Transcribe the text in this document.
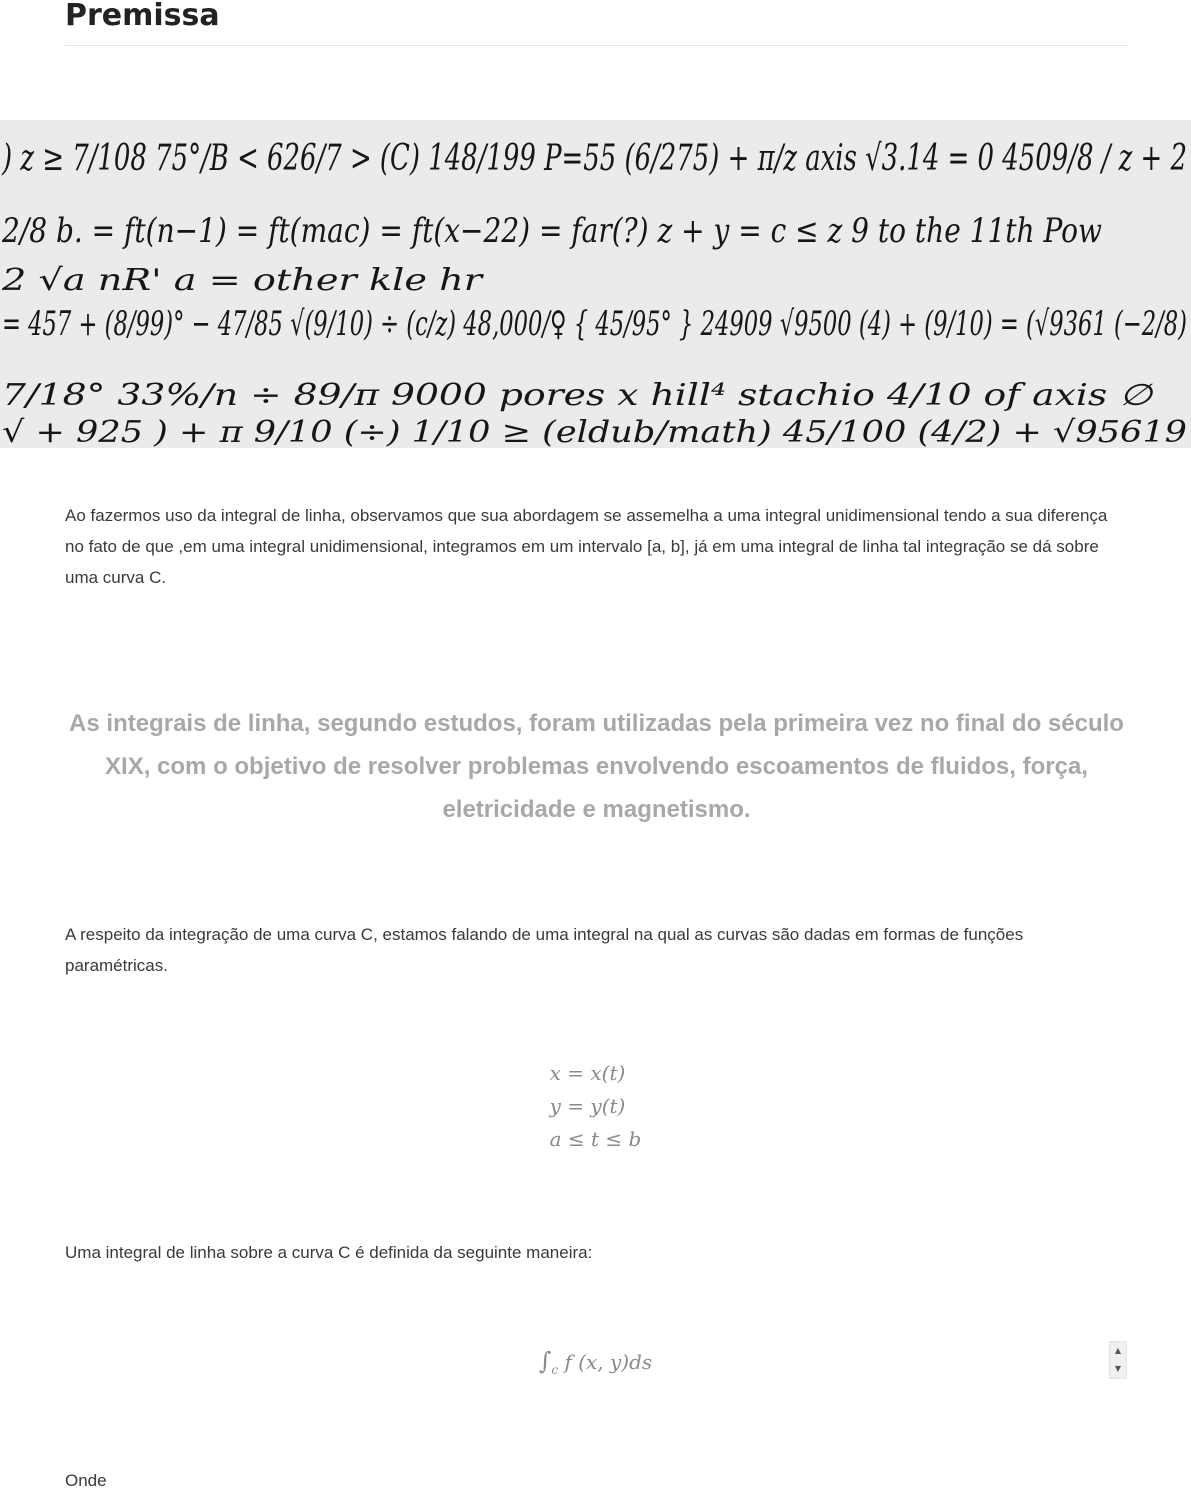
Premissa
) z ≥ 7/108 75°/B < 626/7 > (C) 148/199 P=55 (6/275) + π/z axis √3.14 = 0 4509/8 / z + 2
2/8 b. = ft(n−1) = ft(mac) = ft(x−22) = far(?) z + y = c ≤ z 9 to the 11th Pow
2 √a nR' a = other kle hr
= 457 + (8/99)° − 47/85 √(9/10) ÷ (c/z) 48,000/♀ { 45/95° } 24909 √9500 (4) + (9/10) = (√9361 (−2/8)
7/18° 33%/n ÷ 89/π 9000 pores x hill⁴ stachio 4/10 of axis ∅
√ + 925 ) + π 9/10 (÷) 1/10 ≥ (eldub/math) 45/100 (4/2) + √95619

Ao fazermos uso da integral de linha, observamos que sua abordagem se assemelha a uma integral unidimensional tendo a sua diferença no fato de que ,em uma integral unidimensional, integramos em um intervalo [a, b], já em uma integral de linha tal integração se dá sobre uma curva C.

As integrais de linha, segundo estudos, foram utilizadas pela primeira vez no final do século XIX, com o objetivo de resolver problemas envolvendo escoamentos de fluidos, força, eletricidade e magnetismo.

A respeito da integração de uma curva C, estamos falando de uma integral na qual as curvas são dadas em formas de funções paramétricas.

x = x(t)
y = y(t)
a ≤ t ≤ b

Uma integral de linha sobre a curva C é definida da seguinte maneira:

$\int_c$ f (x, y)ds	▲
▼

Onde
